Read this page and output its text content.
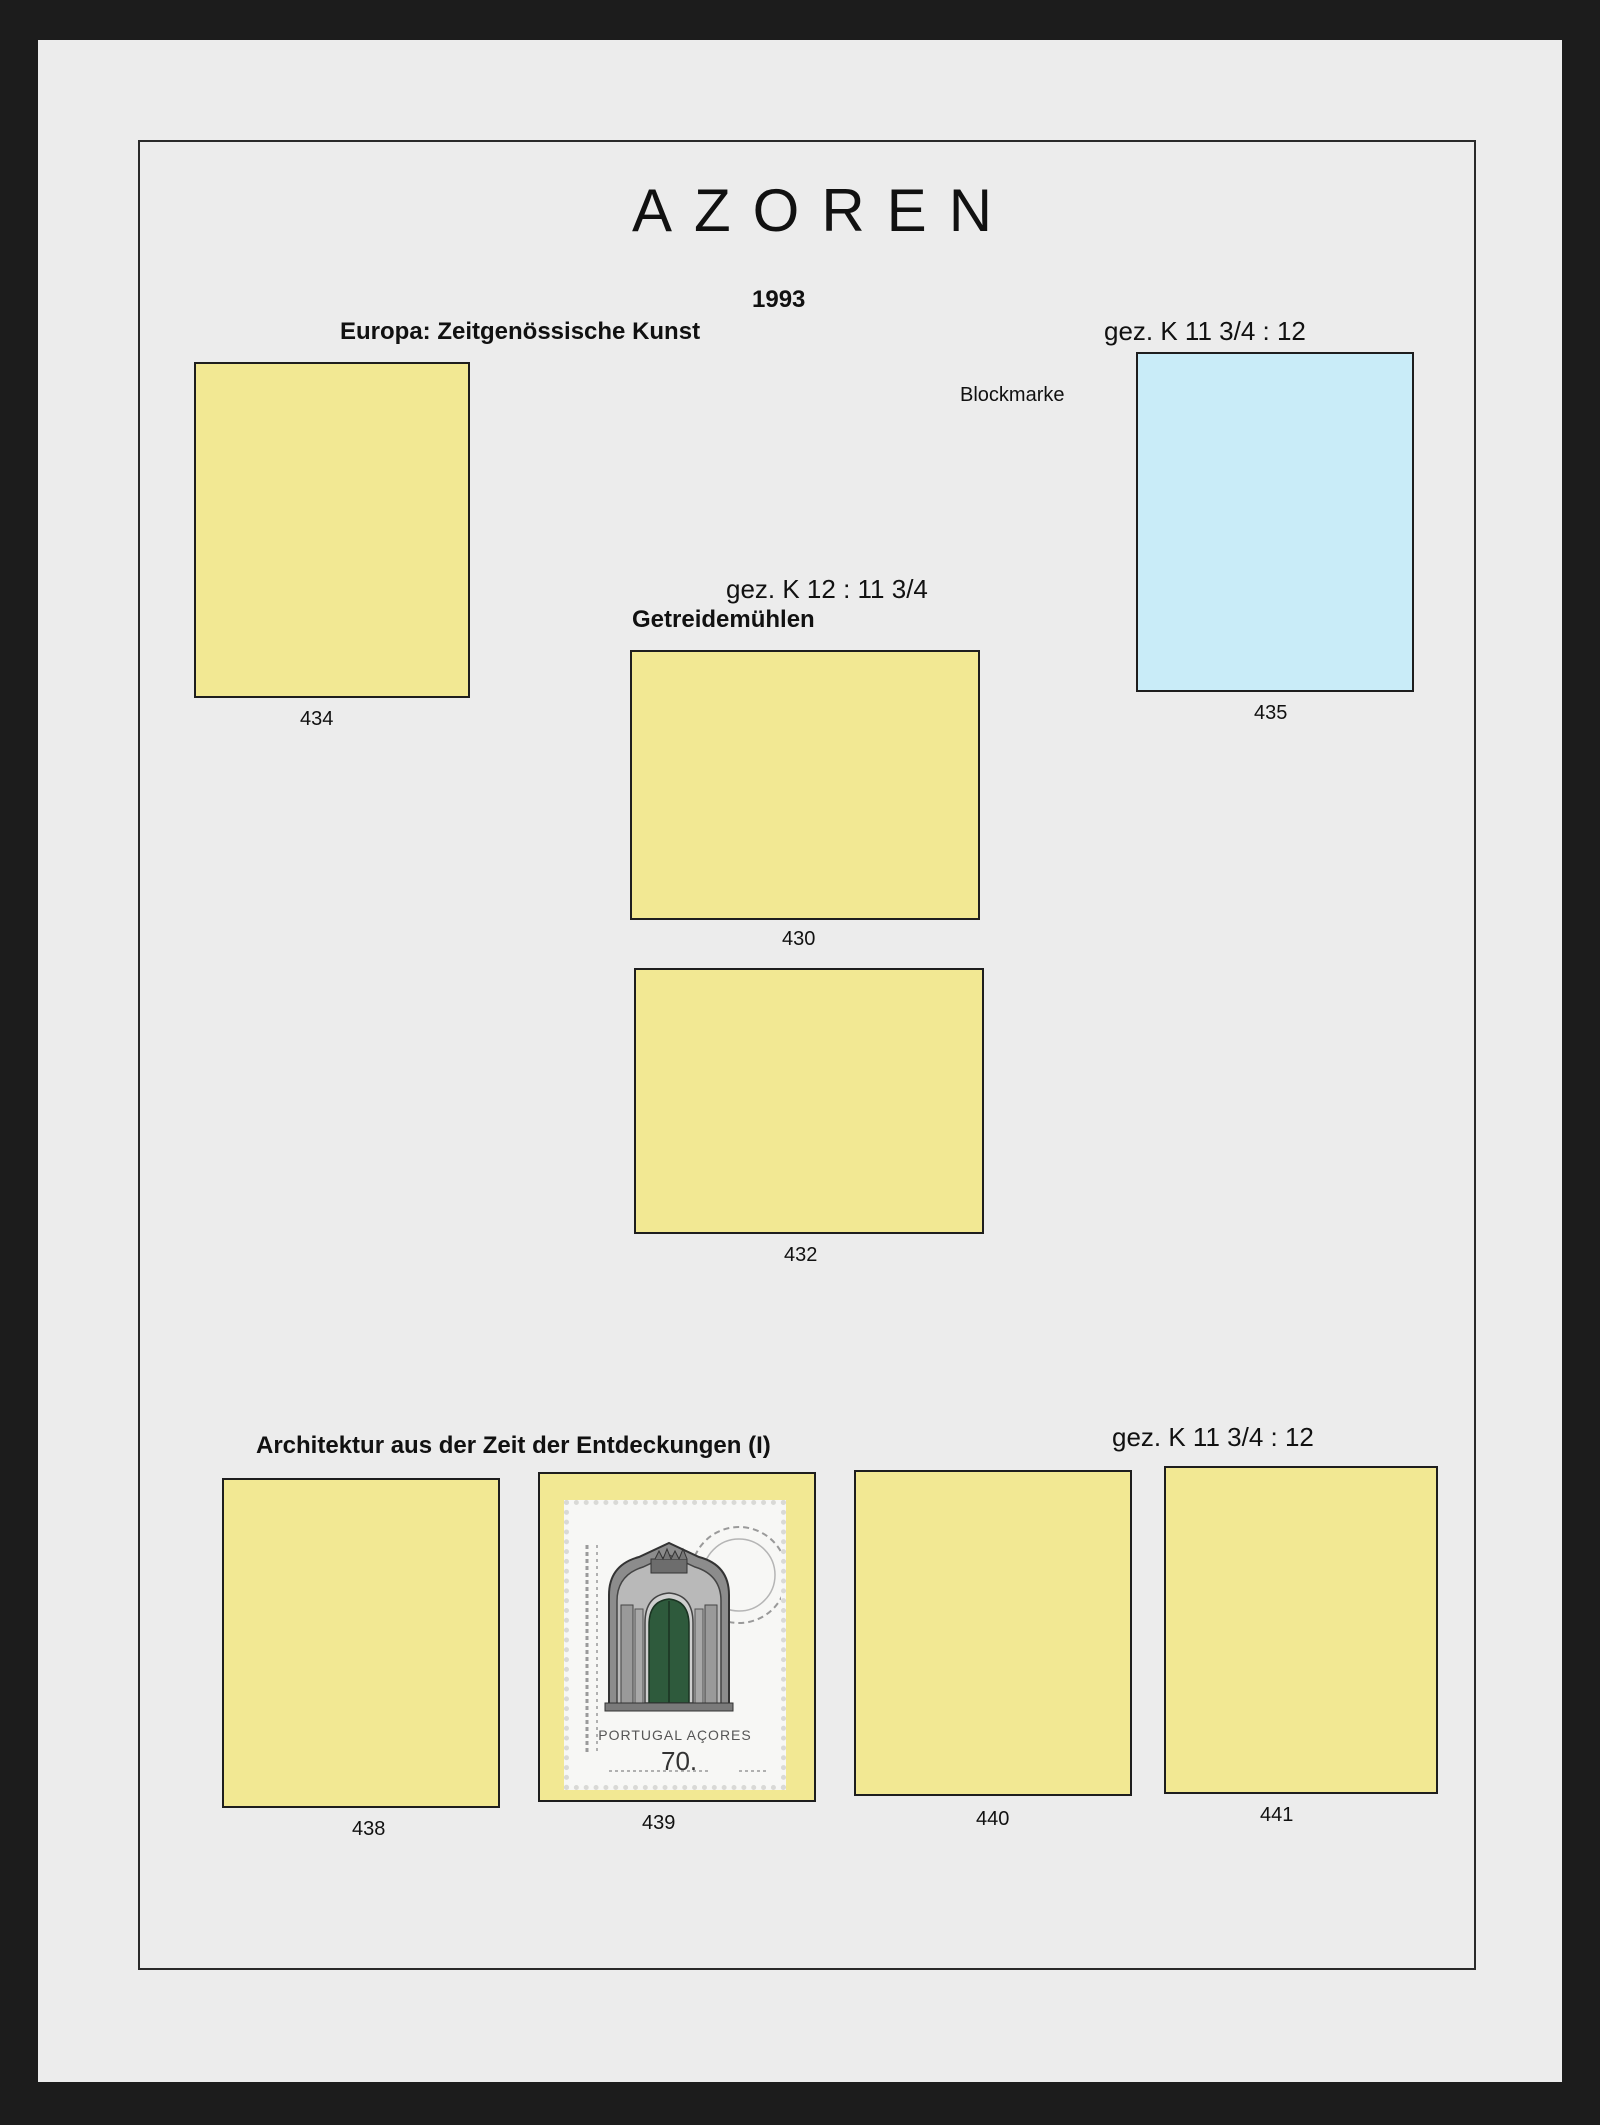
AZOREN
1993
Europa: Zeitgenössische Kunst	gez. K 11 3/4 : 12
Blockmarke
434	435
gez. K 12 : 11 3/4
Getreidemühlen
430
432
Architektur aus der Zeit der Entdeckungen (I)	gez. K 11 3/4 : 12
438	439	440	441
PORTUGAL AÇORES
70.
